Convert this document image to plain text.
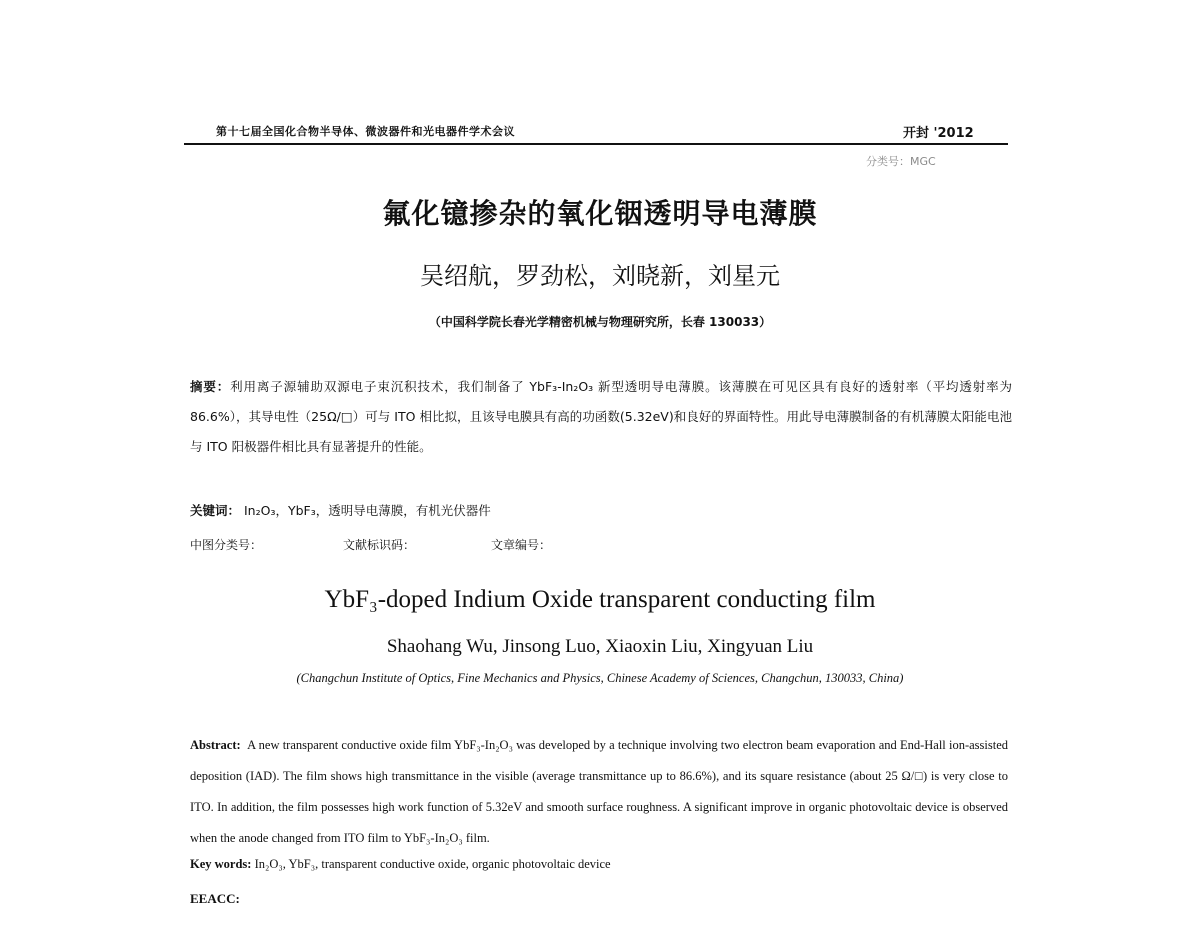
第十七届全国化合物半导体、微波器件和光电器件学术会议	开封 '2012
分类号：MGC
氟化镱掺杂的氧化铟透明导电薄膜
吴绍航，罗劲松，刘晓新，刘星元
（中国科学院长春光学精密机械与物理研究所，长春 130033）
摘要：利用离子源辅助双源电子束沉积技术，我们制备了 YbF₃-In₂O₃ 新型透明导电薄膜。该薄膜在可见区具有良好的透射率（平均透射率为 86.6%），其导电性（25Ω/□）可与 ITO 相比拟，且该导电膜具有高的功函数(5.32eV)和良好的界面特性。用此导电薄膜制备的有机薄膜太阳能电池与 ITO 阳极器件相比具有显著提升的性能。
关键词： In₂O₃，YbF₃，透明导电薄膜，有机光伏器件
中图分类号：	文献标识码：	文章编号：
YbF₃-doped Indium Oxide transparent conducting film
Shaohang Wu, Jinsong Luo, Xiaoxin Liu, Xingyuan Liu
(Changchun Institute of Optics, Fine Mechanics and Physics, Chinese Academy of Sciences, Changchun, 130033, China)
Abstract: A new transparent conductive oxide film YbF₃-In₂O₃ was developed by a technique involving two electron beam evaporation and End-Hall ion-assisted deposition (IAD). The film shows high transmittance in the visible (average transmittance up to 86.6%), and its square resistance (about 25 Ω/□) is very close to ITO. In addition, the film possesses high work function of 5.32eV and smooth surface roughness. A significant improve in organic photovoltaic device is observed when the anode changed from ITO film to YbF₃-In₂O₃ film.
Key words: In₂O₃, YbF₃, transparent conductive oxide, organic photovoltaic device
EEACC:
